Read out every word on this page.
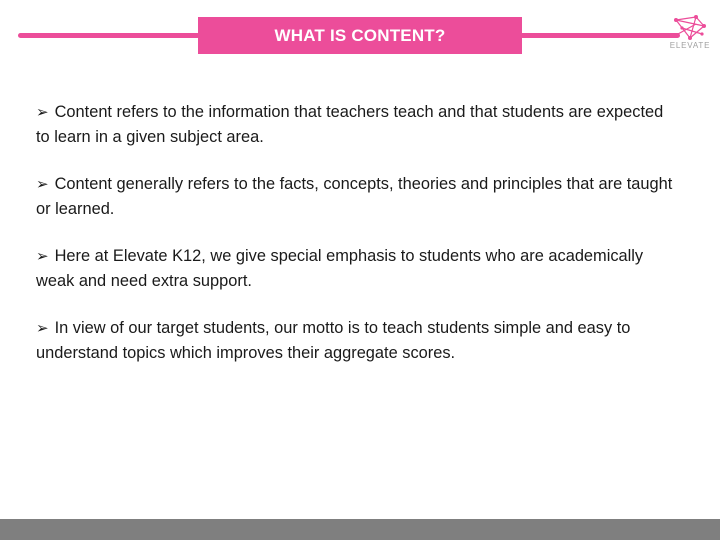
WHAT IS CONTENT?
ELEVATE
➢ Content refers to the information that teachers teach and that students are expected to learn in a given subject area.
➢ Content generally refers to the facts, concepts, theories and principles that are taught or learned.
➢ Here at Elevate K12, we give special emphasis to students who are academically weak and need extra support.
➢ In view of our target students, our motto is to teach students simple and easy to understand topics which improves their aggregate scores.
